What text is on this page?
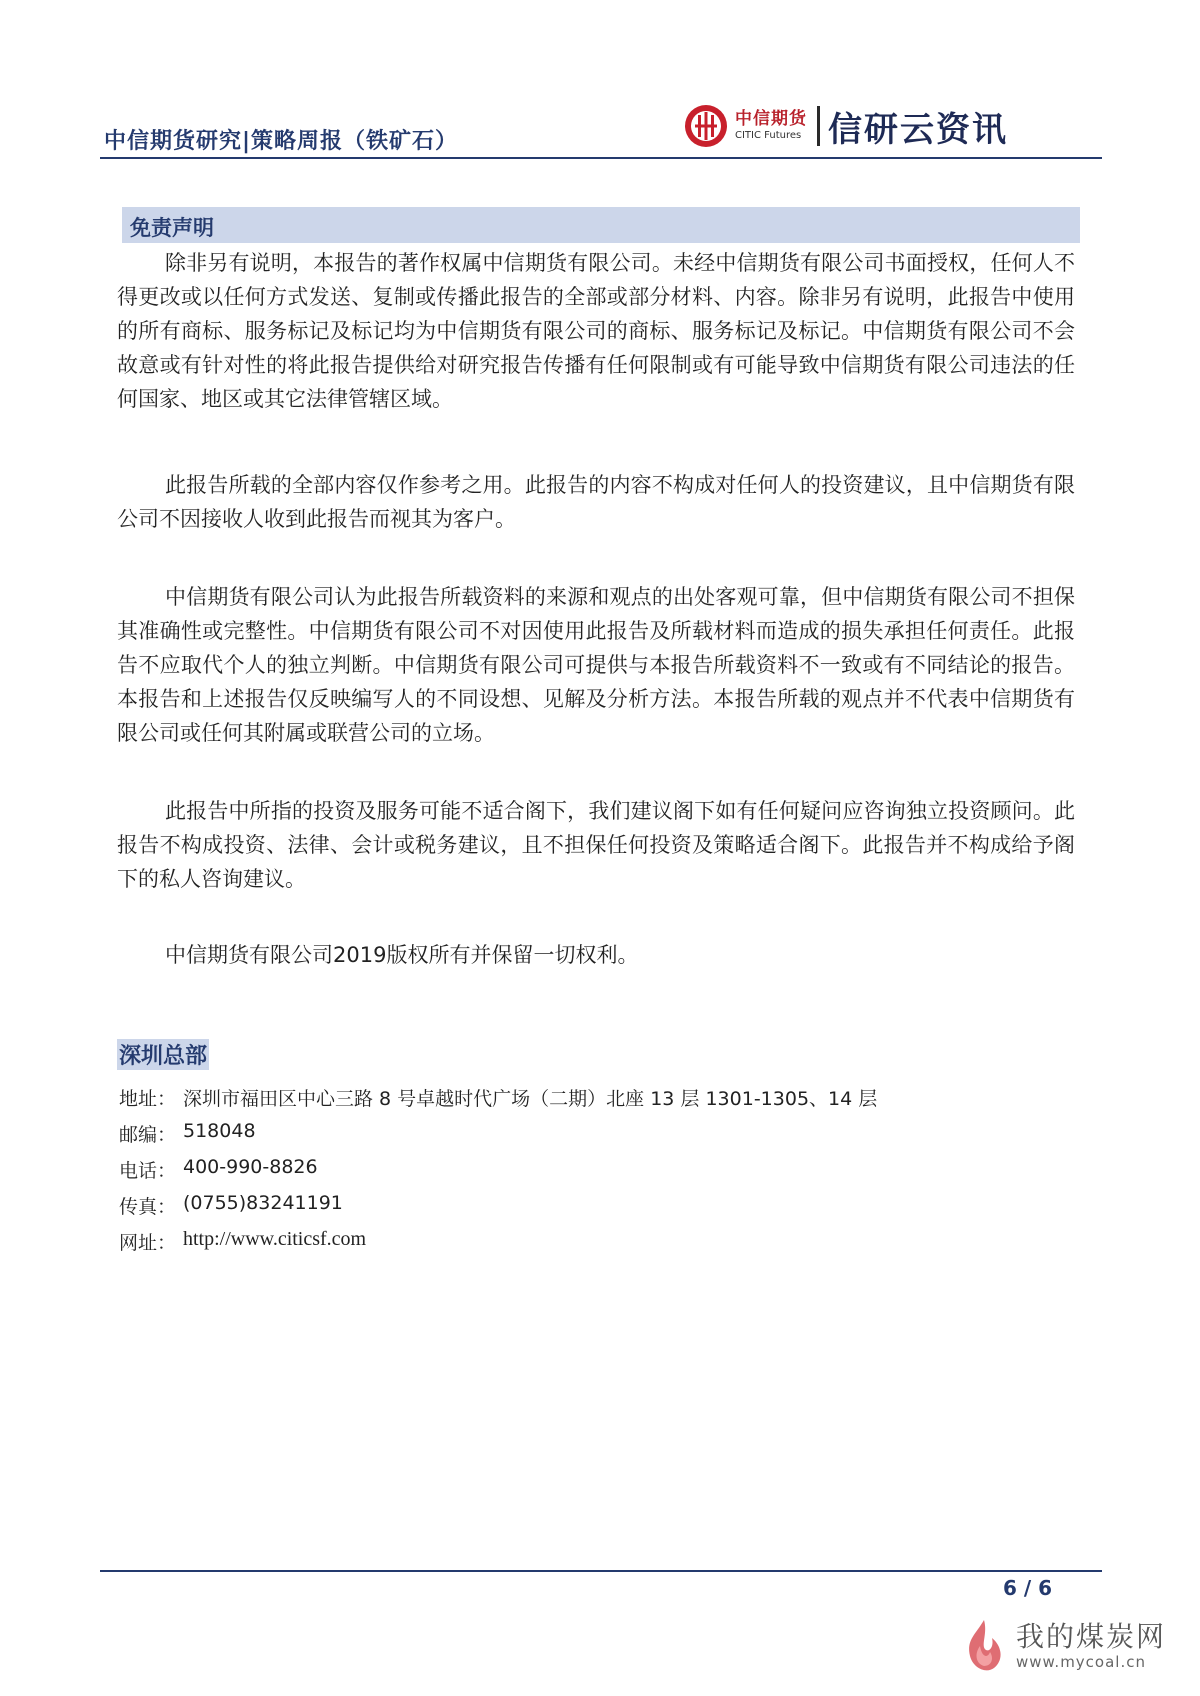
中信期货研究|策略周报（铁矿石）
中信期货
CITIC Futures 信研云资讯
免责声明

除非另有说明，本报告的著作权属中信期货有限公司。未经中信期货有限公司书面授权，任何人不得更改或以任何方式发送、复制或传播此报告的全部或部分材料、内容。除非另有说明，此报告中使用的所有商标、服务标记及标记均为中信期货有限公司的商标、服务标记及标记。中信期货有限公司不会故意或有针对性的将此报告提供给对研究报告传播有任何限制或有可能导致中信期货有限公司违法的任何国家、地区或其它法律管辖区域。

此报告所载的全部内容仅作参考之用。此报告的内容不构成对任何人的投资建议，且中信期货有限公司不因接收人收到此报告而视其为客户。

中信期货有限公司认为此报告所载资料的来源和观点的出处客观可靠，但中信期货有限公司不担保其准确性或完整性。中信期货有限公司不对因使用此报告及所载材料而造成的损失承担任何责任。此报告不应取代个人的独立判断。中信期货有限公司可提供与本报告所载资料不一致或有不同结论的报告。本报告和上述报告仅反映编写人的不同设想、见解及分析方法。本报告所载的观点并不代表中信期货有限公司或任何其附属或联营公司的立场。

此报告中所指的投资及服务可能不适合阁下，我们建议阁下如有任何疑问应咨询独立投资顾问。此报告不构成投资、法律、会计或税务建议，且不担保任何投资及策略适合阁下。此报告并不构成给予阁下的私人咨询建议。

中信期货有限公司2019版权所有并保留一切权利。

深圳总部
地址： 深圳市福田区中心三路 8 号卓越时代广场（二期）北座 13 层 1301-1305、14 层
邮编： 518048
电话： 400-990-8826
传真： (0755)83241191
网址： http://www.citicsf.com
6 / 6
我的煤炭网
www.mycoal.cn
